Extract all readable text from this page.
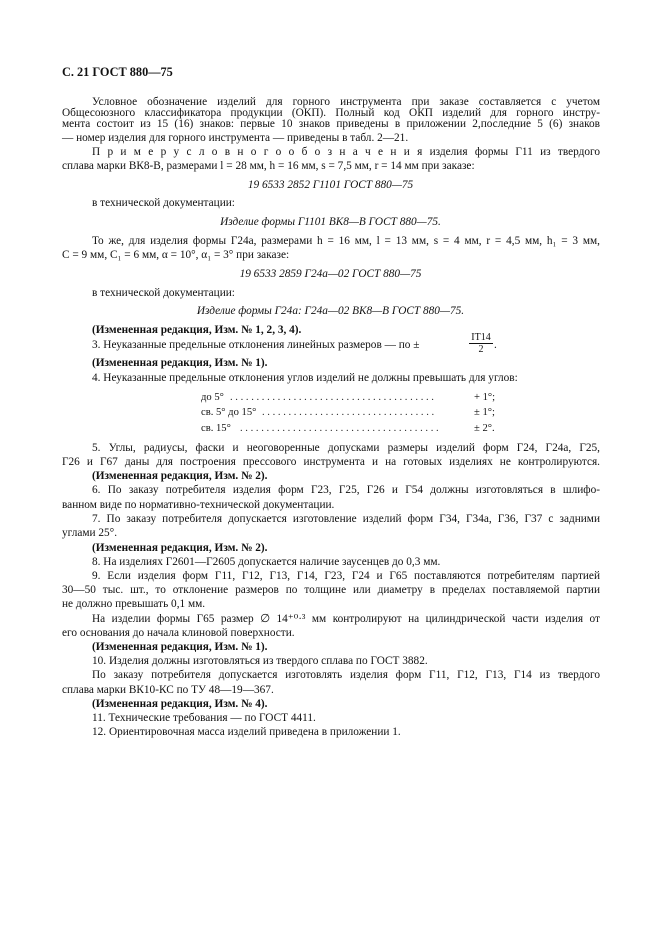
С. 21 ГОСТ 880—75
Условное обозначение изделий для горного инструмента при заказе составляется с учетом
Общесоюзного классификатора продукции (ОКП). Полный код ОКП изделий для горного инстру-
мента состоит из 15 (16) знаков: первые 10 знаков приведены в приложении 2,последние 5 (6) знаков
— номер изделия для горного инструмента — приведены в табл. 2—21.
П р и м е р у с л о в н о г о о б о з н а ч е н и я изделия формы Г11 из твердого
сплава марки ВК8-В, размерами l = 28 мм, h = 16 мм, s = 7,5 мм, r = 14 мм при заказе:
19 6533 2852 Г1101 ГОСТ 880—75
в технической документации:
Изделие формы Г1101 ВК8—В ГОСТ 880—75.
То же, для изделия формы Г24а, размерами h = 16 мм, l = 13 мм, s = 4 мм, r = 4,5 мм, h₁ = 3 мм,
C = 9 мм, C₁ = 6 мм, α = 10°, α₁ = 3° при заказе:
19 6533 2859 Г24а—02 ГОСТ 880—75
в технической документации:
Изделие формы Г24а: Г24а—02 ВК8—В ГОСТ 880—75.
(Измененная редакция, Изм. № 1, 2, 3, 4).
3. Неуказанные предельные отклонения линейных размеров — по ±	$\frac{IT14}{2}$ .
(Измененная редакция, Изм. № 1).
4. Неуказанные предельные отклонения углов изделий не должны превышать для углов:
до 5° . . . . . . . . . . . . . . . . . . . . . . . . . . . . . . . . . . . . . . .	+ 1°;
св. 5° до 15° . . . . . . . . . . . . . . . . . . . . . . . . . . . . . . . . .	± 1°;
св. 15° . . . . . . . . . . . . . . . . . . . . . . . . . . . . . . . . . . . . . .	± 2°.
5. Углы, радиусы, фаски и неоговоренные допусками размеры изделий форм Г24, Г24а, Г25,
Г26 и Г67 даны для построения прессового инструмента и на готовых изделиях не контролируются.
(Измененная редакция, Изм. № 2).
6. По заказу потребителя изделия форм Г23, Г25, Г26 и Г54 должны изготовляться в шлифо-
ванном виде по нормативно-технической документации.
7. По заказу потребителя допускается изготовление изделий форм Г34, Г34а, Г36, Г37 с задними
углами 25°.
(Измененная редакция, Изм. № 2).
8. На изделиях Г2601—Г2605 допускается наличие заусенцев до 0,3 мм.
9. Если изделия форм Г11, Г12, Г13, Г14, Г23, Г24 и Г65 поставляются потребителям партией
30—50 тыс. шт., то отклонение размеров по толщине или диаметру в пределах поставляемой партии
не должно превышать 0,1 мм.
На изделии формы Г65 размер ∅ 14⁺⁰·³ мм контролируют на цилиндрической части изделия от
его основания до начала клиновой поверхности.
(Измененная редакция, Изм. № 1).
10. Изделия должны изготовляться из твердого сплава по ГОСТ 3882.
По заказу потребителя допускается изготовлять изделия форм Г11, Г12, Г13, Г14 из твердого
сплава марки ВК10-КС по ТУ 48—19—367.
(Измененная редакция, Изм. № 4).
11. Технические требования — по ГОСТ 4411.
12. Ориентировочная масса изделий приведена в приложении 1.
